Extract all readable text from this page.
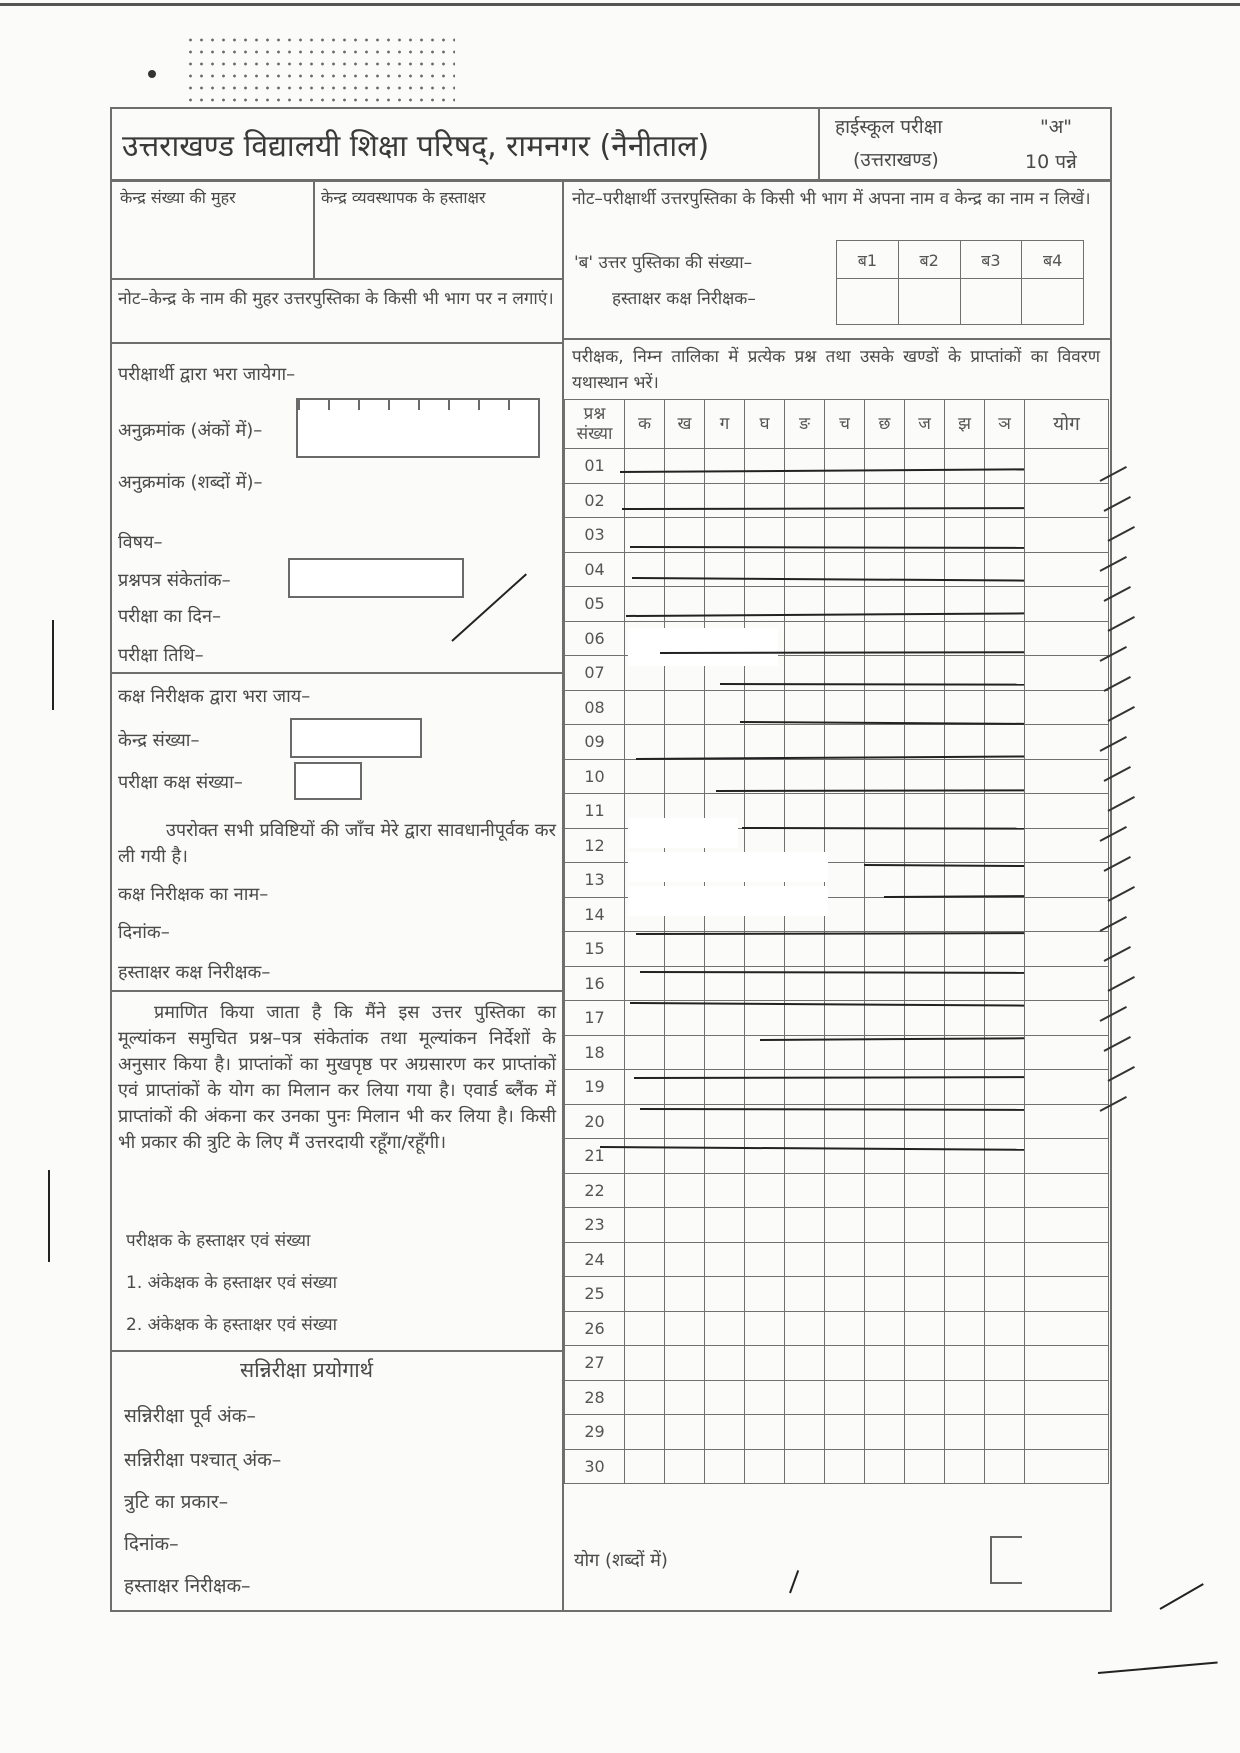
उत्तराखण्ड विद्यालयी शिक्षा परिषद्, रामनगर (नैनीताल)
हाईस्कूल परीक्षा	"अ"
(उत्तराखण्ड)	10 पन्ने
केन्द्र संख्या की मुहर	केन्द्र व्यवस्थापक के हस्ताक्षर
नोट–केन्द्र के नाम की मुहर उत्तरपुस्तिका के किसी भी भाग पर न लगाएं।
नोट–परीक्षार्थी उत्तरपुस्तिका के किसी भी भाग में अपना नाम व केन्द्र का नाम न लिखें।
'ब' उत्तर पुस्तिका की संख्या–
हस्ताक्षर कक्ष निरीक्षक–
ब1	ब2	ब3	ब4

परीक्षार्थी द्वारा भरा जायेगा–
अनुक्रमांक (अंकों में)–
अनुक्रमांक (शब्दों में)–
विषय–
प्रश्नपत्र संकेतांक–
परीक्षा का दिन–
परीक्षा तिथि–
कक्ष निरीक्षक द्वारा भरा जाय–
केन्द्र संख्या–
परीक्षा कक्ष संख्या–
उपरोक्त सभी प्रविष्टियों की जाँच मेरे द्वारा सावधानीपूर्वक कर ली गयी है।
कक्ष निरीक्षक का नाम–
दिनांक–
हस्ताक्षर कक्ष निरीक्षक–
प्रमाणित किया जाता है कि मैंने इस उत्तर पुस्तिका का मूल्यांकन समुचित प्रश्न–पत्र संकेतांक तथा मूल्यांकन निर्देशों के अनुसार किया है। प्राप्तांकों का मुखपृष्ठ पर अग्रसारण कर प्राप्तांकों एवं प्राप्तांकों के योग का मिलान कर लिया गया है। एवार्ड ब्लैंक में प्राप्तांकों की अंकना कर उनका पुनः मिलान भी कर लिया है। किसी भी प्रकार की त्रुटि के लिए मैं उत्तरदायी रहूँगा/रहूँगी।
परीक्षक के हस्ताक्षर एवं संख्या
1. अंकेक्षक के हस्ताक्षर एवं संख्या
2. अंकेक्षक के हस्ताक्षर एवं संख्या
सन्निरीक्षा प्रयोगार्थ
सन्निरीक्षा पूर्व अंक–
सन्निरीक्षा पश्चात् अंक–
त्रुटि का प्रकार–
दिनांक–
हस्ताक्षर निरीक्षक–
परीक्षक, निम्न तालिका में प्रत्येक प्रश्न तथा उसके खण्डों के प्राप्तांकों का विवरण यथास्थान भरें।
प्रश्न
संख्या	क	ख	ग	घ	ङ	च	छ	ज	झ	ञ	योग
01											
02											
03											
04											
05											
06											
07											
08											
09											
10											
11											
12											
13											
14											
15											
16											
17											
18											
19											
20											
21											
22											
23											
24											
25											
26											
27											
28											
29											
30											
योग (शब्दों में)
